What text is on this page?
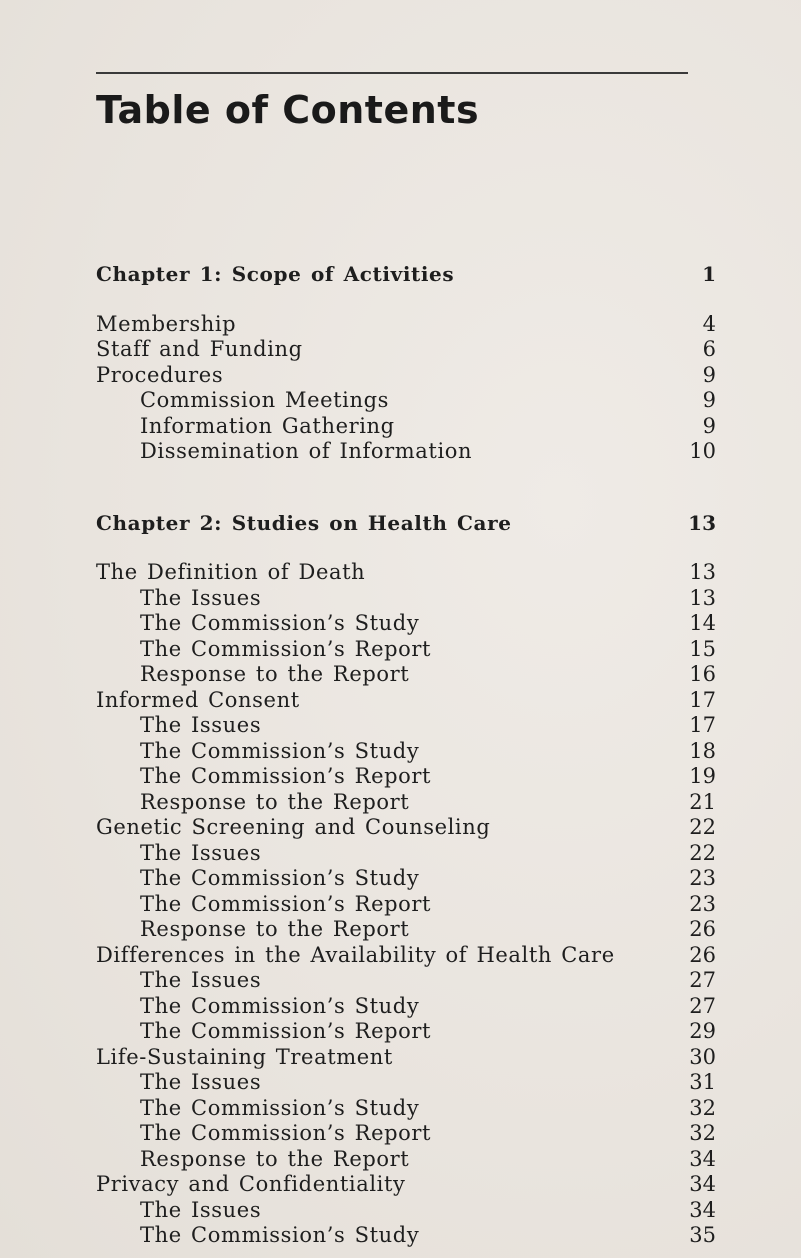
Table of Contents
Chapter 1: Scope of Activities	1
Membership	4
Staff and Funding	6
Procedures	9
Commission Meetings	9
Information Gathering	9
Dissemination of Information	10
Chapter 2: Studies on Health Care	13
The Definition of Death	13
The Issues	13
The Commission’s Study	14
The Commission’s Report	15
Response to the Report	16
Informed Consent	17
The Issues	17
The Commission’s Study	18
The Commission’s Report	19
Response to the Report	21
Genetic Screening and Counseling	22
The Issues	22
The Commission’s Study	23
The Commission’s Report	23
Response to the Report	26
Differences in the Availability of Health Care	26
The Issues	27
The Commission’s Study	27
The Commission’s Report	29
Life-Sustaining Treatment	30
The Issues	31
The Commission’s Study	32
The Commission’s Report	32
Response to the Report	34
Privacy and Confidentiality	34
The Issues	34
The Commission’s Study	35
